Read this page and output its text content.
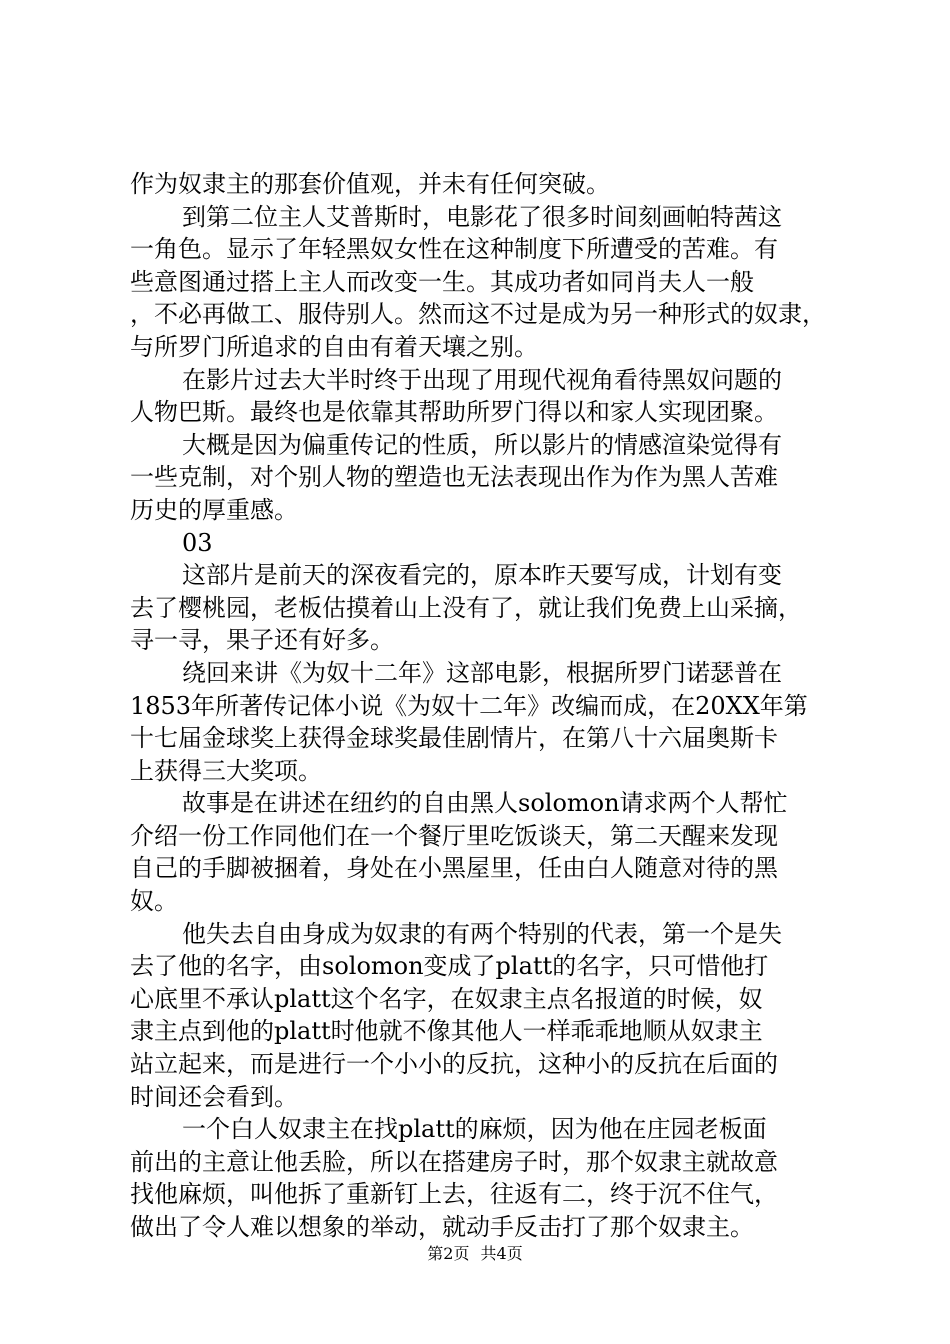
作为奴隶主的那套价值观，并未有任何突破。
到第二位主人艾普斯时，电影花了很多时间刻画帕特茜这
一角色。显示了年轻黑奴女性在这种制度下所遭受的苦难。有
些意图通过搭上主人而改变一生。其成功者如同肖夫人一般
，不必再做工、服侍别人。然而这不过是成为另一种形式的奴隶，
与所罗门所追求的自由有着天壤之别。
在影片过去大半时终于出现了用现代视角看待黑奴问题的
人物巴斯。最终也是依靠其帮助所罗门得以和家人实现团聚。
大概是因为偏重传记的性质，所以影片的情感渲染觉得有
一些克制，对个别人物的塑造也无法表现出作为作为黑人苦难
历史的厚重感。
03
这部片是前天的深夜看完的，原本昨天要写成，计划有变
去了樱桃园，老板估摸着山上没有了，就让我们免费上山采摘，
寻一寻，果子还有好多。
绕回来讲《为奴十二年》这部电影，根据所罗门诺瑟普在
1853年所著传记体小说《为奴十二年》改编而成，在20XX年第
十七届金球奖上获得金球奖最佳剧情片，在第八十六届奥斯卡
上获得三大奖项。
故事是在讲述在纽约的自由黑人solomon请求两个人帮忙
介绍一份工作同他们在一个餐厅里吃饭谈天，第二天醒来发现
自己的手脚被捆着，身处在小黑屋里，任由白人随意对待的黑
奴。
他失去自由身成为奴隶的有两个特别的代表，第一个是失
去了他的名字，由solomon变成了platt的名字，只可惜他打
心底里不承认platt这个名字，在奴隶主点名报道的时候，奴
隶主点到他的platt时他就不像其他人一样乖乖地顺从奴隶主
站立起来，而是进行一个小小的反抗，这种小的反抗在后面的
时间还会看到。
一个白人奴隶主在找platt的麻烦，因为他在庄园老板面
前出的主意让他丢脸，所以在搭建房子时，那个奴隶主就故意
找他麻烦，叫他拆了重新钉上去，往返有二，终于沉不住气，
做出了令人难以想象的举动，就动手反击打了那个奴隶主。
第2页 共4页
